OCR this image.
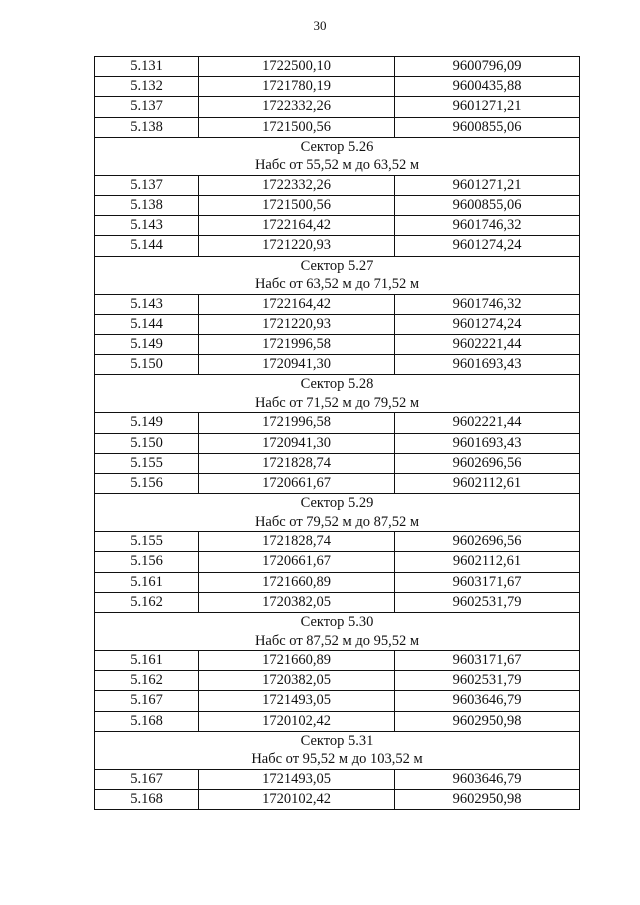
30
5.131	1722500,10	9600796,09
5.132	1721780,19	9600435,88
5.137	1722332,26	9601271,21
5.138	1721500,56	9600855,06

Сектор 5.26
Набс от 55,52 м до 63,52 м		

5.137	1722332,26	9601271,21
5.138	1721500,56	9600855,06
5.143	1722164,42	9601746,32
5.144	1721220,93	9601274,24

Сектор 5.27
Набс от 63,52 м до 71,52 м		

5.143	1722164,42	9601746,32
5.144	1721220,93	9601274,24
5.149	1721996,58	9602221,44
5.150	1720941,30	9601693,43

Сектор 5.28
Набс от 71,52 м до 79,52 м		

5.149	1721996,58	9602221,44
5.150	1720941,30	9601693,43
5.155	1721828,74	9602696,56
5.156	1720661,67	9602112,61

Сектор 5.29
Набс от 79,52 м до 87,52 м		

5.155	1721828,74	9602696,56
5.156	1720661,67	9602112,61
5.161	1721660,89	9603171,67
5.162	1720382,05	9602531,79

Сектор 5.30
Набс от 87,52 м до 95,52 м		

5.161	1721660,89	9603171,67
5.162	1720382,05	9602531,79
5.167	1721493,05	9603646,79
5.168	1720102,42	9602950,98

Сектор 5.31
Набс от 95,52 м до 103,52 м		

5.167	1721493,05	9603646,79
5.168	1720102,42	9602950,98
